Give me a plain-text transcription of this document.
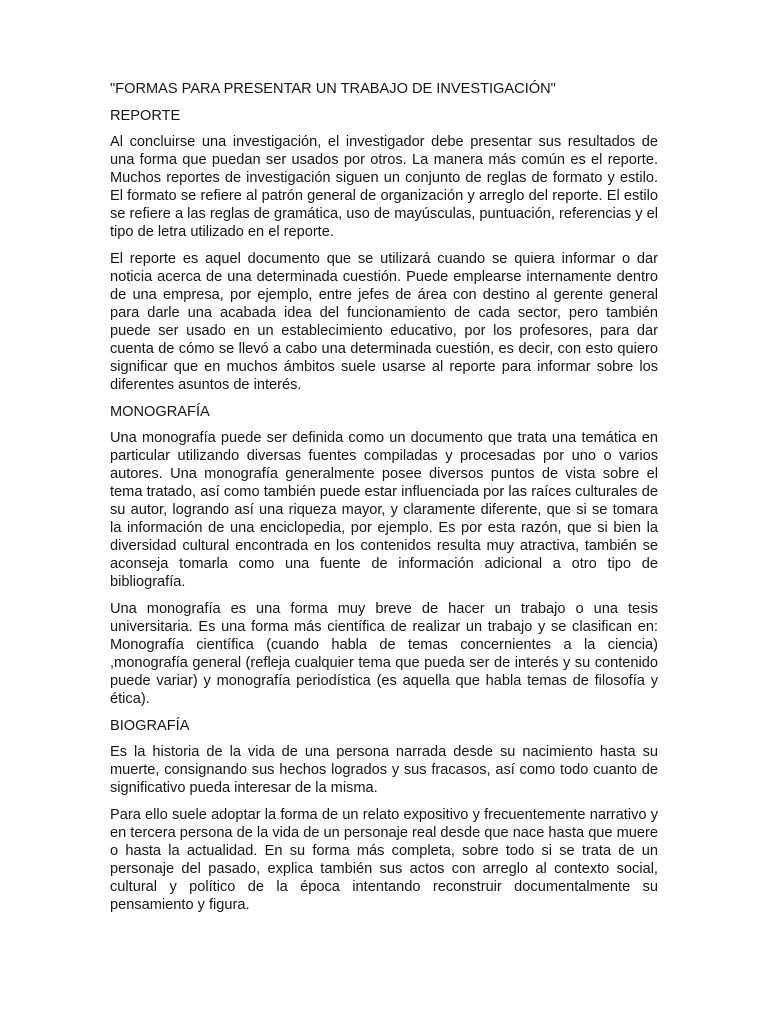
"FORMAS PARA PRESENTAR UN TRABAJO DE INVESTIGACIÓN"

REPORTE

Al concluirse una investigación, el investigador debe presentar sus resultados de una forma que puedan ser usados por otros. La manera más común es el reporte. Muchos reportes de investigación siguen un conjunto de reglas de formato y estilo. El formato se refiere al patrón general de organización y arreglo del reporte. El estilo se refiere a las reglas de gramática, uso de mayúsculas, puntuación, referencias y el tipo de letra utilizado en el reporte.

El reporte es aquel documento que se utilizará cuando se quiera informar o dar noticia acerca de una determinada cuestión. Puede emplearse internamente dentro de una empresa, por ejemplo, entre jefes de área con destino al gerente general para darle una acabada idea del funcionamiento de cada sector, pero también puede ser usado en un establecimiento educativo, por los profesores, para dar cuenta de cómo se llevó a cabo una determinada cuestión, es decir, con esto quiero significar que en muchos ámbitos suele usarse al reporte para informar sobre los diferentes asuntos de interés.

MONOGRAFÍA

Una monografía puede ser definida como un documento que trata una temática en particular utilizando diversas fuentes compiladas y procesadas por uno o varios autores. Una monografía generalmente posee diversos puntos de vista sobre el tema tratado, así como también puede estar influenciada por las raíces culturales de su autor, logrando así una riqueza mayor, y claramente diferente, que si se tomara la información de una enciclopedia, por ejemplo. Es por esta razón, que si bien la diversidad cultural encontrada en los contenidos resulta muy atractiva, también se aconseja tomarla como una fuente de información adicional a otro tipo de bibliografía.

Una monografía es una forma muy breve de hacer un trabajo o una tesis universitaria. Es una forma más científica de realizar un trabajo y se clasifican en: Monografía científica (cuando habla de temas concernientes a la ciencia) ,monografía general (refleja cualquier tema que pueda ser de interés y su contenido puede variar) y monografía periodística (es aquella que habla temas de filosofía y ética).

BIOGRAFÍA

Es la historia de la vida de una persona narrada desde su nacimiento hasta su muerte, consignando sus hechos logrados y sus fracasos, así como todo cuanto de significativo pueda interesar de la misma.

Para ello suele adoptar la forma de un relato expositivo y frecuentemente narrativo y en tercera persona de la vida de un personaje real desde que nace hasta que muere o hasta la actualidad. En su forma más completa, sobre todo si se trata de un personaje del pasado, explica también sus actos con arreglo al contexto social, cultural y político de la época intentando reconstruir documentalmente su pensamiento y figura.
